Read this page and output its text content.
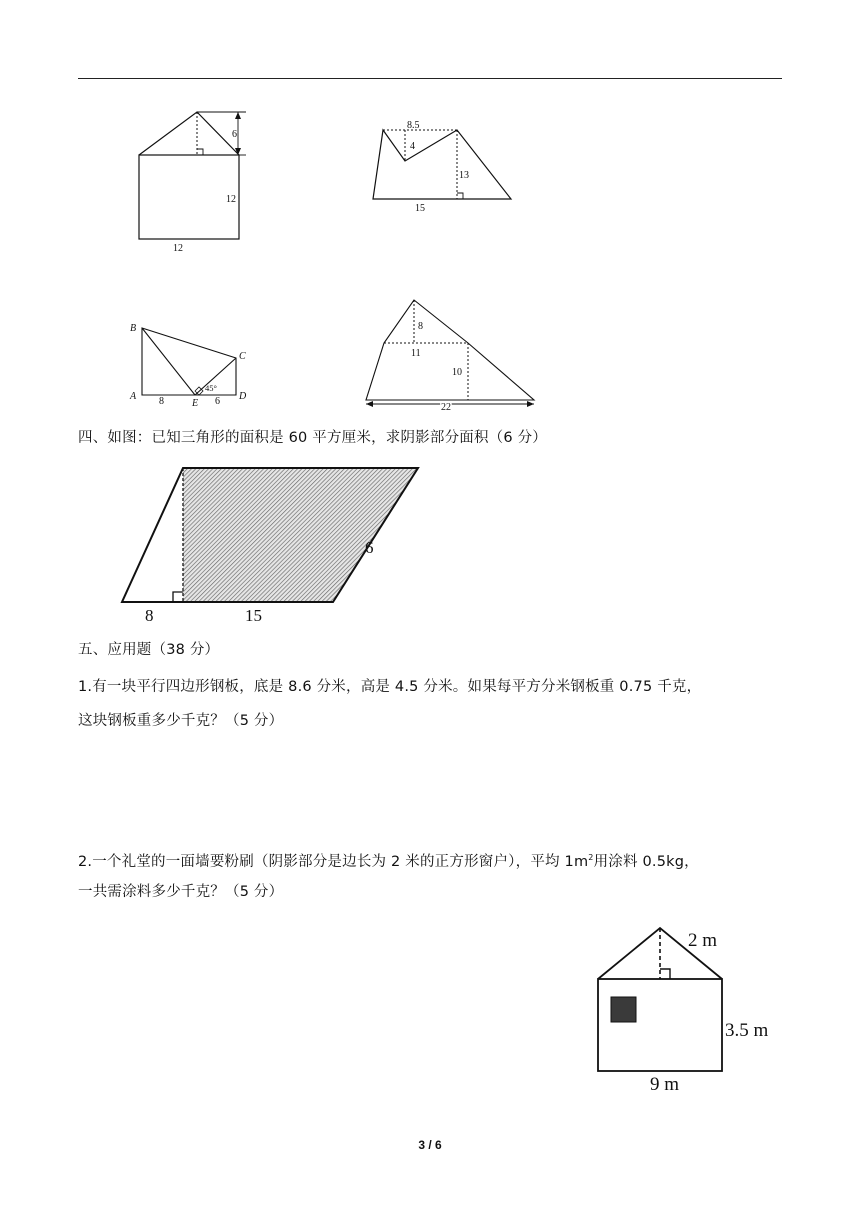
6
12
12
8.5
4
13
15
B
C
A
E
D
8	6
45°
8
11
10
22
四、如图：已知三角形的面积是 60 平方厘米，求阴影部分面积（6 分）
6
8	15
五、应用题（38 分）
1.有一块平行四边形钢板，底是 8.6 分米，高是 4.5 分米。如果每平方分米钢板重 0.75 千克，
这块钢板重多少千克？（5 分）
2.一个礼堂的一面墙要粉刷（阴影部分是边长为 2 米的正方形窗户），平均 $1m^2$用涂料 0.5kg，
一共需涂料多少千克？（5 分）
2 m
3.5 m
9 m
3 / 6
